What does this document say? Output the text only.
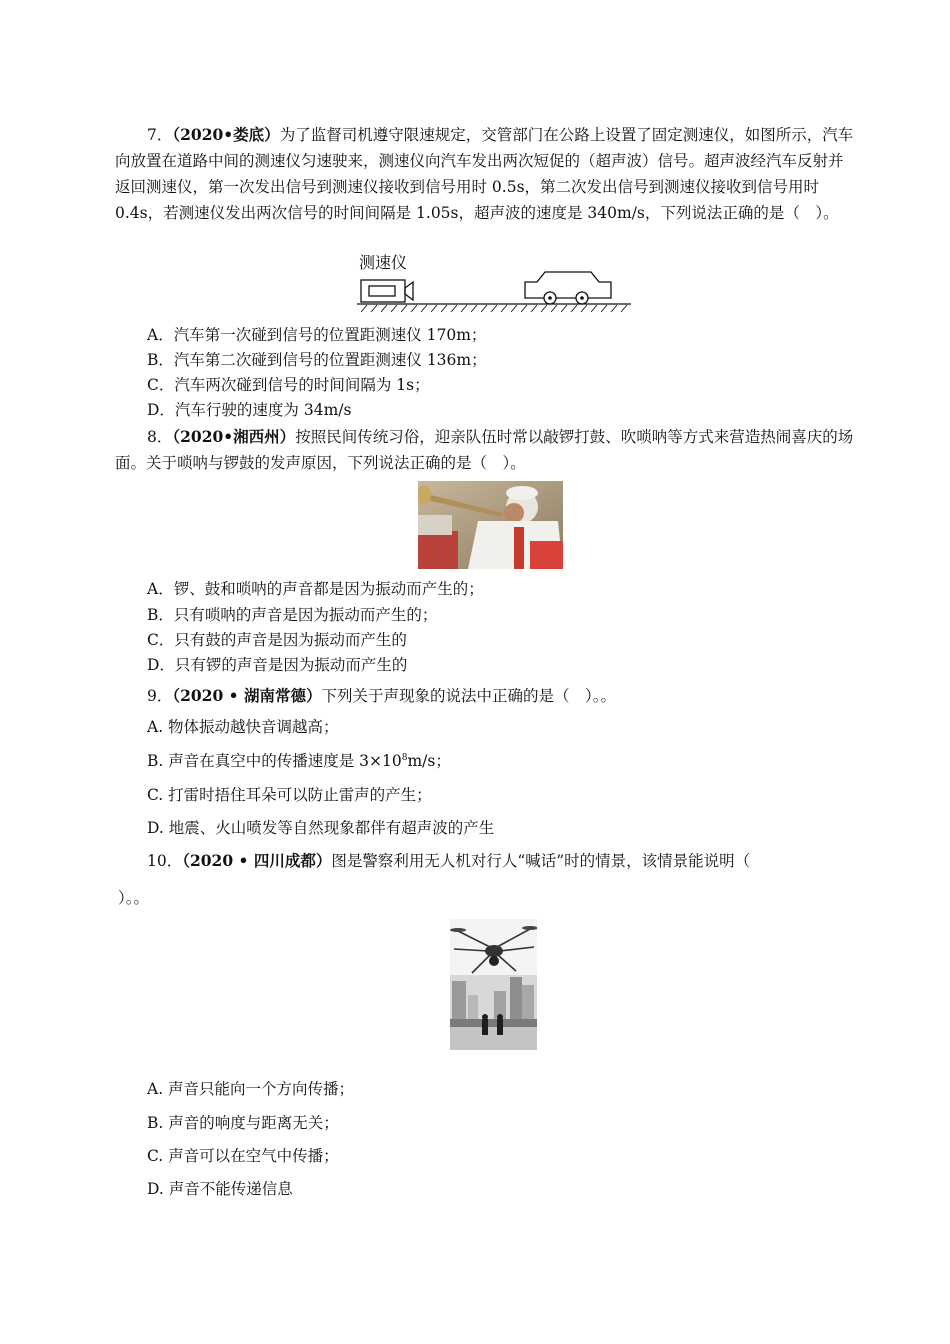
7．（2020•娄底）为了监督司机遵守限速规定，交管部门在公路上设置了固定测速仪，如图所示，汽车向放置在道路中间的测速仪匀速驶来，测速仪向汽车发出两次短促的（超声波）信号。超声波经汽车反射并返回测速仪，第一次发出信号到测速仪接收到信号用时 0.5s，第二次发出信号到测速仪接收到信号用时 0.4s，若测速仪发出两次信号的时间间隔是 1.05s，超声波的速度是 340m/s，下列说法正确的是（　）。
测速仪
A．汽车第一次碰到信号的位置距测速仪 170m；
B．汽车第二次碰到信号的位置距测速仪 136m；
C．汽车两次碰到信号的时间间隔为 1s；
D．汽车行驶的速度为 34m/s
8．（2020•湘西州）按照民间传统习俗，迎亲队伍时常以敲锣打鼓、吹唢呐等方式来营造热闹喜庆的场面。关于唢呐与锣鼓的发声原因，下列说法正确的是（　）。
A．锣、鼓和唢呐的声音都是因为振动而产生的；
B．只有唢呐的声音是因为振动而产生的；
C．只有鼓的声音是因为振动而产生的
D．只有锣的声音是因为振动而产生的
9．（2020 • 湖南常德）下列关于声现象的说法中正确的是（　）。。
A. 物体振动越快音调越高；
B. 声音在真空中的传播速度是 $3\times 10^8m/s$；
C. 打雷时捂住耳朵可以防止雷声的产生；
D. 地震、火山喷发等自然现象都伴有超声波的产生
10．（2020 • 四川成都）图是警察利用无人机对行人“喊话”时的情景，该情景能说明（
）。。
A. 声音只能向一个方向传播；
B. 声音的响度与距离无关；
C. 声音可以在空气中传播；
D. 声音不能传递信息
